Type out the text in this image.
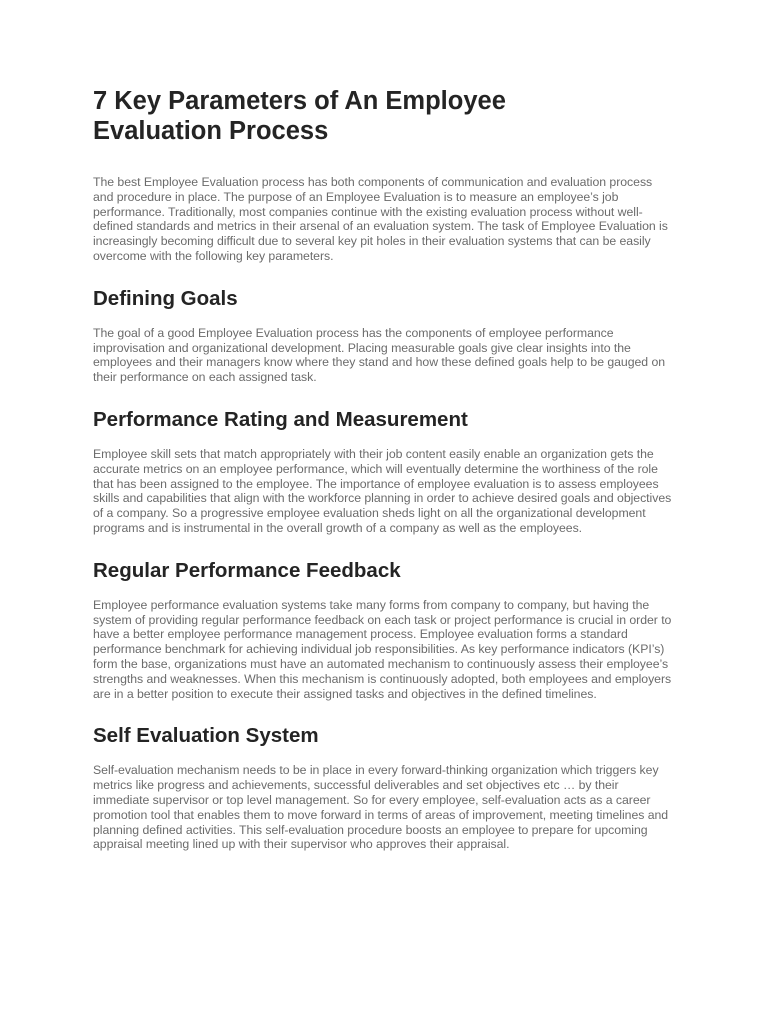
7 Key Parameters of An Employee Evaluation Process

The best Employee Evaluation process has both components of communication and evaluation process and procedure in place. The purpose of an Employee Evaluation is to measure an employee’s job performance. Traditionally, most companies continue with the existing evaluation process without well-defined standards and metrics in their arsenal of an evaluation system. The task of Employee Evaluation is increasingly becoming difficult due to several key pit holes in their evaluation systems that can be easily overcome with the following key parameters.

Defining Goals

The goal of a good Employee Evaluation process has the components of employee performance improvisation and organizational development. Placing measurable goals give clear insights into the employees and their managers know where they stand and how these defined goals help to be gauged on their performance on each assigned task.

Performance Rating and Measurement

Employee skill sets that match appropriately with their job content easily enable an organization gets the accurate metrics on an employee performance, which will eventually determine the worthiness of the role that has been assigned to the employee. The importance of employee evaluation is to assess employees skills and capabilities that align with the workforce planning in order to achieve desired goals and objectives of a company. So a progressive employee evaluation sheds light on all the organizational development programs and is instrumental in the overall growth of a company as well as the employees.

Regular Performance Feedback

Employee performance evaluation systems take many forms from company to company, but having the system of providing regular performance feedback on each task or project performance is crucial in order to have a better employee performance management process. Employee evaluation forms a standard performance benchmark for achieving individual job responsibilities. As key performance indicators (KPI’s) form the base, organizations must have an automated mechanism to continuously assess their employee’s strengths and weaknesses. When this mechanism is continuously adopted, both employees and employers are in a better position to execute their assigned tasks and objectives in the defined timelines.

Self Evaluation System

Self-evaluation mechanism needs to be in place in every forward-thinking organization which triggers key metrics like progress and achievements, successful deliverables and set objectives etc … by their immediate supervisor or top level management. So for every employee, self-evaluation acts as a career promotion tool that enables them to move forward in terms of areas of improvement, meeting timelines and planning defined activities. This self-evaluation procedure boosts an employee to prepare for upcoming appraisal meeting lined up with their supervisor who approves their appraisal.
